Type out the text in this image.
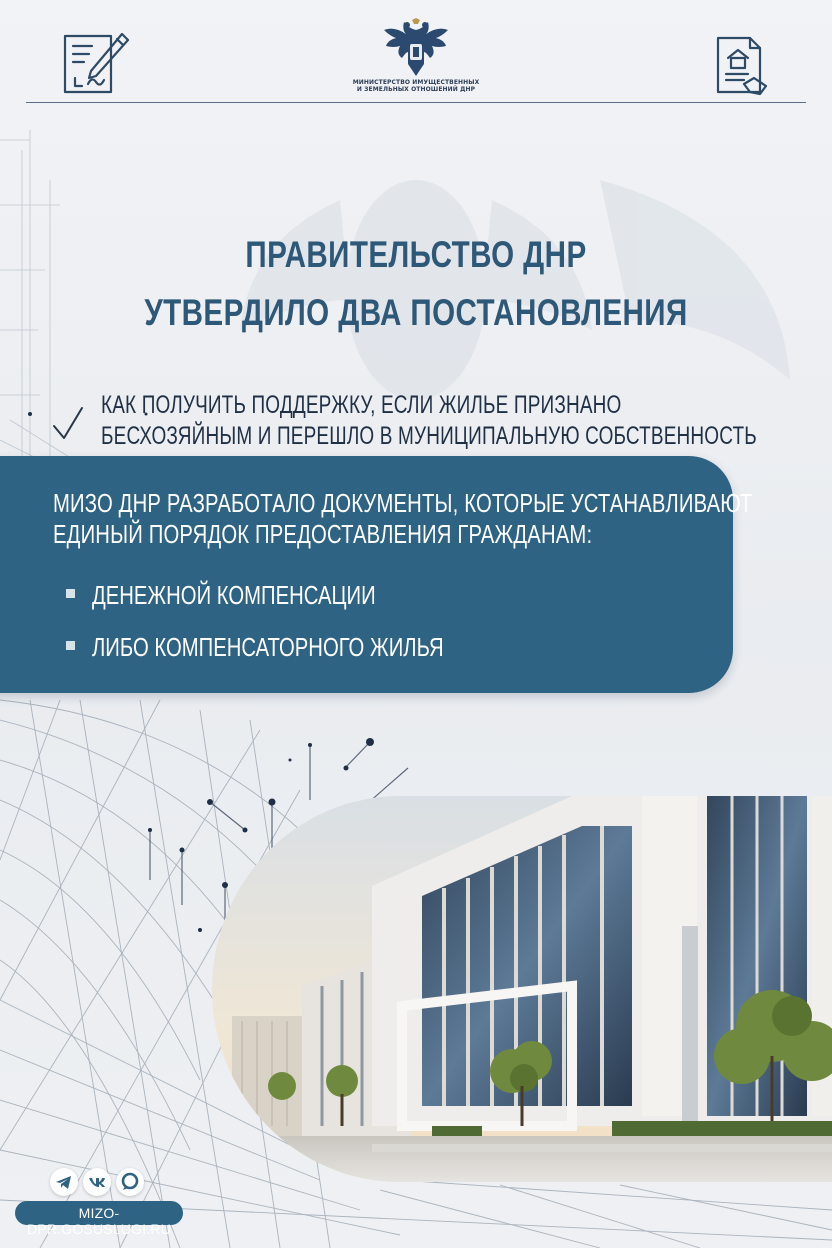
МИНИСТЕРСТВО ИМУЩЕСТВЕННЫХ
И ЗЕМЕЛЬНЫХ ОТНОШЕНИЙ ДНР
ПРАВИТЕЛЬСТВО ДНР
УТВЕРДИЛО ДВА ПОСТАНОВЛЕНИЯ
КАК ПОЛУЧИТЬ ПОДДЕРЖКУ, ЕСЛИ ЖИЛЬЕ ПРИЗНАНО
БЕСХОЗЯЙНЫМ И ПЕРЕШЛО В МУНИЦИПАЛЬНУЮ СОБСТВЕННОСТЬ
МИЗО ДНР РАЗРАБОТАЛО ДОКУМЕНТЫ, КОТОРЫЕ УСТАНАВЛИВАЮТ
ЕДИНЫЙ ПОРЯДОК ПРЕДОСТАВЛЕНИЯ ГРАЖДАНАМ:
ДЕНЕЖНОЙ КОМПЕНСАЦИИ
ЛИБО КОМПЕНСАТОРНОГО ЖИЛЬЯ
MIZO-DPR.GOSUSLUGI.RU
